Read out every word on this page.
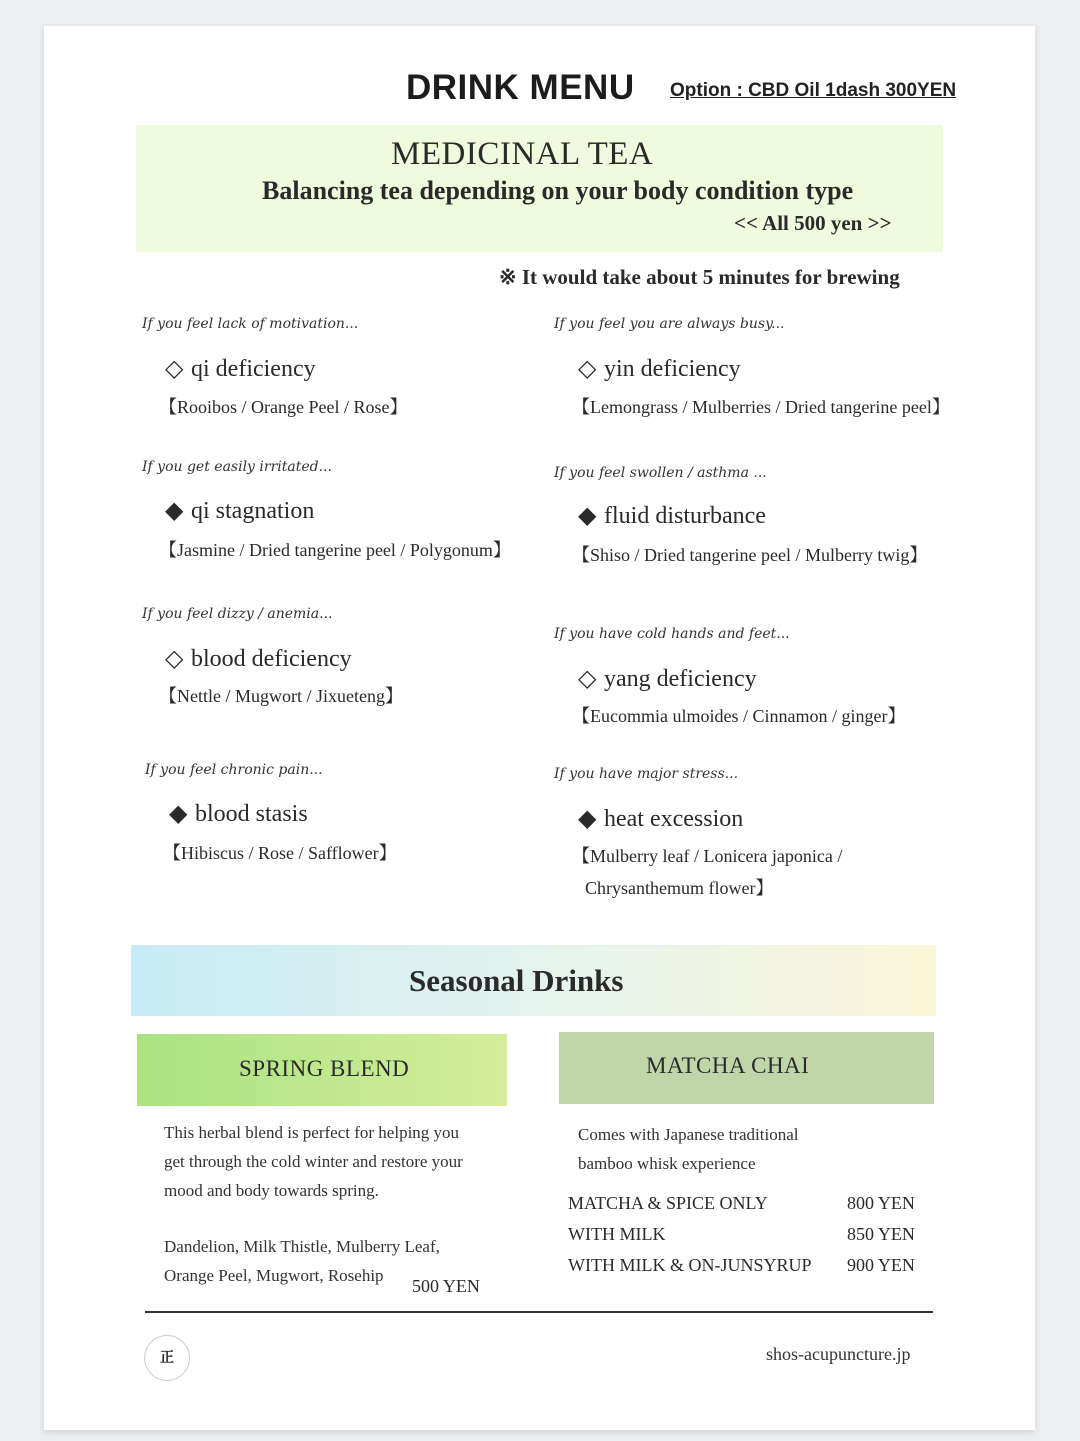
DRINK MENU Option : CBD Oil 1dash 300YEN
MEDICINAL TEA
Balancing tea depending on your body condition type
<< All 500 yen >>
※ It would take about 5 minutes for brewing
If you feel lack of motivation...
◇ qi deficiency
【Rooibos / Orange Peel / Rose】
If you get easily irritated...
◆ qi stagnation
【Jasmine / Dried tangerine peel / Polygonum】
If you feel dizzy / anemia...
◇ blood deficiency
【Nettle / Mugwort / Jixueteng】
If you feel chronic pain...
◆ blood stasis
【Hibiscus / Rose / Safflower】
If you feel you are always busy...
◇ yin deficiency
【Lemongrass / Mulberries / Dried tangerine peel】
If you feel swollen / asthma ...
◆ fluid disturbance
【Shiso / Dried tangerine peel / Mulberry twig】
If you have cold hands and feet...
◇ yang deficiency
【Eucommia ulmoides / Cinnamon / ginger】
If you have major stress...
◆ heat excession
【Mulberry leaf / Lonicera japonica /
Chrysanthemum flower】
Seasonal Drinks
SPRING BLEND	MATCHA CHAI
This herbal blend is perfect for helping you
get through the cold winter and restore your
mood and body towards spring.
Dandelion, Milk Thistle, Mulberry Leaf,
Orange Peel, Mugwort, Rosehip
500 YEN
Comes with Japanese traditional
bamboo whisk experience
MATCHA & SPICE ONLY	800 YEN
WITH MILK	850 YEN
WITH MILK & ON-JUNSYRUP 900 YEN
正	shos-acupuncture.jp
